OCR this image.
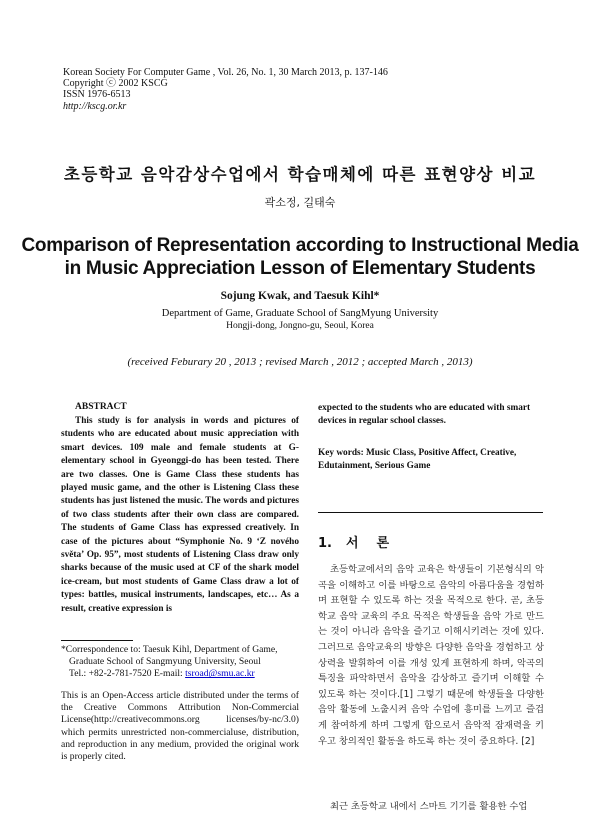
Korean Society For Computer Game , Vol. 26, No. 1, 30 March 2013, p. 137-146
Copyright ⓒ 2002 KSCG
ISSN 1976-6513
http://kscg.or.kr
초등학교 음악감상수업에서 학습매체에 따른 표현양상 비교
곽소정, 길태숙
Comparison of Representation according to Instructional Media
in Music Appreciation Lesson of Elementary Students
Sojung Kwak, and Taesuk Kihl*
Department of Game, Graduate School of SangMyung University
Hongji-dong, Jongno-gu, Seoul, Korea
(received Feburary 20 , 2013 ; revised March , 2012 ; accepted March , 2013)
ABSTRACT

This study is for analysis in words and pictures of students who are educated about music appreciation with smart devices. 109 male and female students at G-elementary school in Gyeonggi-do has been tested. There are two classes. One is Game Class these students has played music game, and the other is Listening Class these students has just listened the music. The words and pictures of two class students after their own class are compared. The students of Game Class has expressed creatively. In case of the pictures about “Symphonie No. 9 ‘Z nového světa’ Op. 95”, most students of Listening Class draw only sharks because of the music used at CF of the shark model ice-cream, but most students of Game Class draw a lot of types: battles, musical instruments, landscapes, etc… As a result, creative expression is

*Correspondence to: Taesuk Kihl, Department of Game,
Graduate School of Sangmyung University, Seoul
Tel.: +82-2-781-7520 E-mail: tsroad@smu.ac.kr

This is an Open-Access article distributed under the terms of the Creative Commons Attribution Non-Commercial License(http://creativecommons.org licenses/by-nc/3.0) which permits unrestricted non-commercialuse, distribution, and reproduction in any medium, provided the original work is properly cited.

expected to the students who are educated with smart devices in regular school classes.

Key words: Music Class, Positive Affect, Creative, Edutainment, Serious Game

1. 서 론

초등학교에서의 음악 교육은 학생들이 기본형식의 악곡을 이해하고 이를 바탕으로 음악의 아름다움을 경험하며 표현할 수 있도록 하는 것을 목적으로 한다. 곧, 초등학교 음악 교육의 주요 목적은 학생들을 음악 가로 만드는 것이 아니라 음악을 즐기고 이해시키려는 것에 있다. 그러므로 음악교육의 방향은 다양한 음악을 경험하고 상상력을 발휘하여 이를 개성 있게 표현하게 하며, 악곡의 특징을 파악하면서 음악을 감상하고 즐기며 이해할 수 있도록 하는 것이다.[1] 그렇기 때문에 학생들을 다양한 음악 활동에 노출시켜 음악 수업에 흥미를 느끼고 즐겁게 참여하게 하며 그렇게 함으로서 음악적 잠재력을 키우고 창의적인 활동을 하도록 하는 것이 중요하다. [2]

최근 초등학교 내에서 스마트 기기를 활용한 수업
